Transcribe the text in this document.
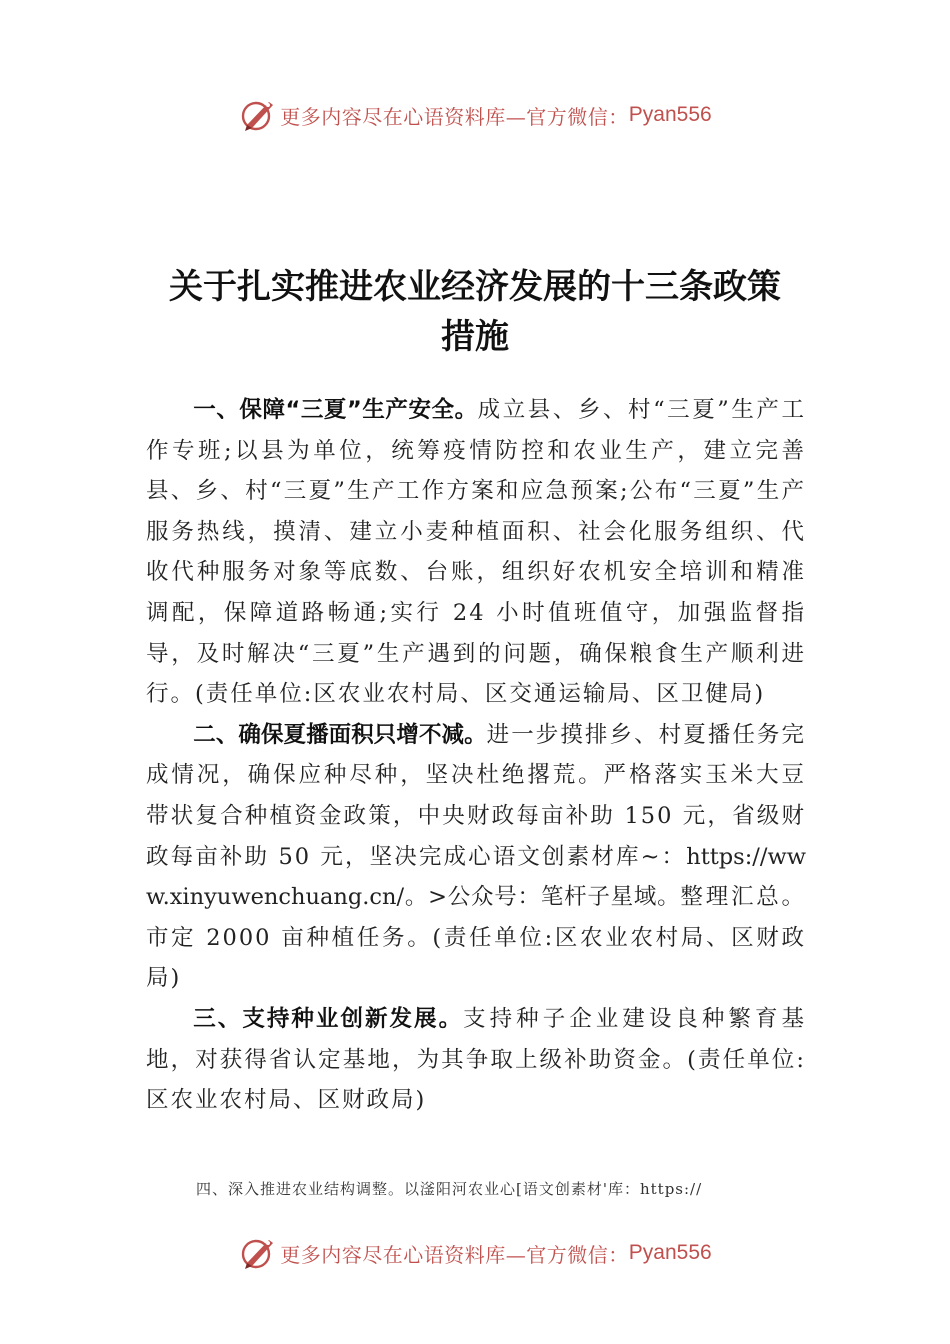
更多内容尽在心语资料库—官方微信： Pyan556
关于扎实推进农业经济发展的十三条政策
措施

一、保障“三夏”生产安全。成立县、乡、村“三夏”生产工作专班;以县为单位，统筹疫情防控和农业生产，建立完善县、乡、村“三夏”生产工作方案和应急预案;公布“三夏”生产服务热线，摸清、建立小麦种植面积、社会化服务组织、代收代种服务对象等底数、台账，组织好农机安全培训和精准调配，保障道路畅通;实行 24 小时值班值守，加强监督指导，及时解决“三夏”生产遇到的问题，确保粮食生产顺利进行。(责任单位:区农业农村局、区交通运输局、区卫健局)

二、确保夏播面积只增不减。进一步摸排乡、村夏播任务完成情况，确保应种尽种，坚决杜绝撂荒。严格落实玉米大豆带状复合种植资金政策，中央财政每亩补助 150 元，省级财政每亩补助 50 元，坚决完成心语文创素材库~：https://www.xinyuwenchuang.cn/。>公众号：笔杆子星域。整理汇总。市定 2000 亩种植任务。(责任单位:区农业农村局、区财政局)

三、支持种业创新发展。支持种子企业建设良种繁育基地，对获得省认定基地，为其争取上级补助资金。(责任单位:区农业农村局、区财政局)

四、深入推进农业结构调整。以滏阳河农业心[语文创素材'库：https://
更多内容尽在心语资料库—官方微信： Pyan556
